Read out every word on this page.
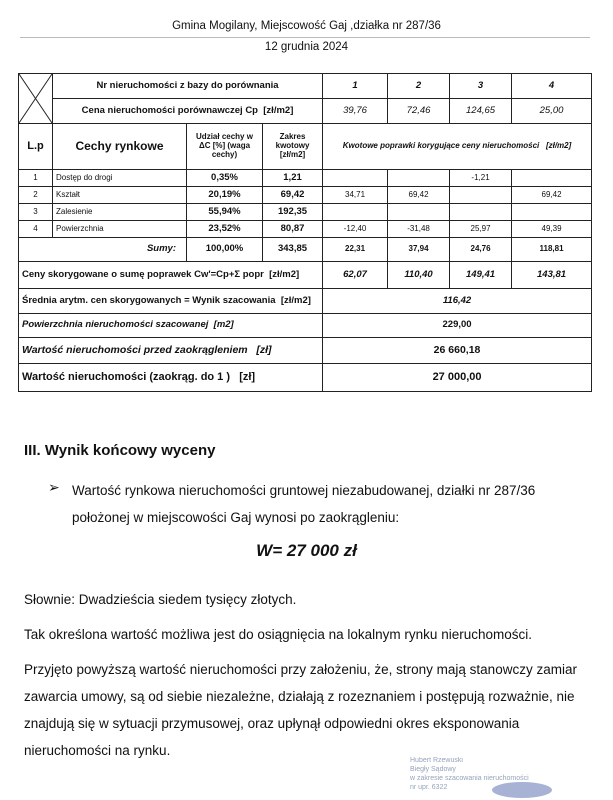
Gmina Mogilany, Miejscowość Gaj ,działka nr 287/36
12 grudnia 2024
	Nr nieruchomości z bazy do porównania			1	2	3	4
	Cena nieruchomości porównawczej Cp [zł/m2]			39,76	72,46	124,65	25,00
L.p	Cechy rynkowe	Udział cechy w ΔC [%] (waga cechy)	Zakres kwotowy [zł/m2]	Kwotowe poprawki korygujące ceny nieruchomości [zł/m2]			
1	Dostęp do drogi	0,35%	1,21			-1,21	
2	Kształt	20,19%	69,42	34,71	69,42		69,42
3	Zalesienie	55,94%	192,35				
4	Powierzchnia	23,52%	80,87	-12,40	-31,48	25,97	49,39
Sumy:		100,00%	343,85	22,31	37,94	24,76	118,81
Ceny skorygowane o sumę poprawek Cw'=Cp+Σ popr [zł/m2]				62,07	110,40	149,41	143,81
Średnia arytm. cen skorygowanych = Wynik szacowania [zł/m2]				116,42			
Powierzchnia nieruchomości szacowanej [m2]				229,00			
Wartość nieruchomości przed zaokrągleniem [zł]				26 660,18			
Wartość nieruchomości (zaokrąg. do 1 ) [zł]				27 000,00			
III. Wynik końcowy wyceny
➢ Wartość rynkowa nieruchomości gruntowej niezabudowanej, działki nr 287/36 położonej w miejscowości Gaj wynosi po zaokrągleniu:
W= 27 000 zł
Słownie: Dwadzieścia siedem tysięcy złotych.
Tak określona wartość możliwa jest do osiągnięcia na lokalnym rynku nieruchomości.
Przyjęto powyższą wartość nieruchomości przy założeniu, że, strony mają stanowczy zamiar zawarcia umowy, są od siebie niezależne, działają z rozeznaniem i postępują rozważnie, nie znajdują się w sytuacji przymusowej, oraz upłynął odpowiedni okres eksponowania nieruchomości na rynku.
Hubert Rzewuski
Biegły Sądowy
w zakresie szacowania nieruchomości
nr upr. 6322
